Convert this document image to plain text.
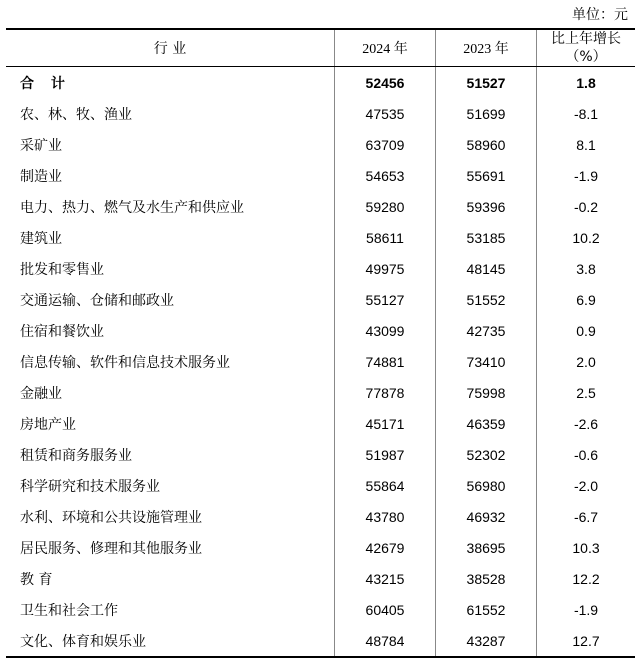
单位：元
行 业	2024 年	2023 年	比上年增长
（%）

合 计	52456	51527	1.8
农、林、牧、渔业	47535	51699	-8.1
采矿业	63709	58960	8.1
制造业	54653	55691	-1.9
电力、热力、燃气及水生产和供应业	59280	59396	-0.2
建筑业	58611	53185	10.2
批发和零售业	49975	48145	3.8
交通运输、仓储和邮政业	55127	51552	6.9
住宿和餐饮业	43099	42735	0.9
信息传输、软件和信息技术服务业	74881	73410	2.0
金融业	77878	75998	2.5
房地产业	45171	46359	-2.6
租赁和商务服务业	51987	52302	-0.6
科学研究和技术服务业	55864	56980	-2.0
水利、环境和公共设施管理业	43780	46932	-6.7
居民服务、修理和其他服务业	42679	38695	10.3
教 育	43215	38528	12.2
卫生和社会工作	60405	61552	-1.9
文化、体育和娱乐业	48784	43287	12.7
